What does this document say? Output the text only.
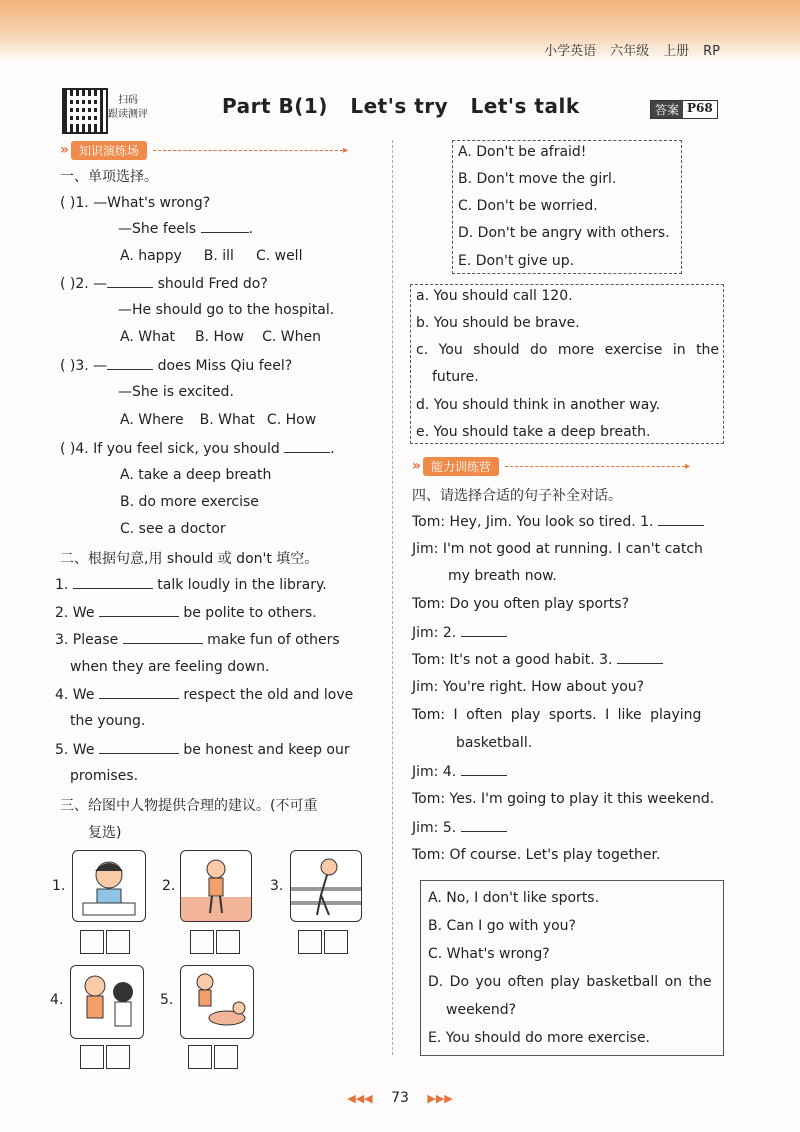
小学英语 六年级 上册 RP
扫码
跟读测评	Part B(1)   Let's try   Let's talk	答案 P68
» 知识演练场	▸
一、单项选择。
( )1. —What's wrong?
—She feels	.
A. happy B. ill C. well
( )2. —	should Fred do?
—He should go to the hospital.
A. What B. How C. When
( )3. —	does Miss Qiu feel?
—She is excited.
A. Where B. What C. How
( )4. If you feel sick, you should	.
A. take a deep breath
B. do more exercise
C. see a doctor
二、根据句意,用 should 或 don't 填空。
1.	talk loudly in the library.
2. We	be polite to others.
3. Please	make fun of others
when they are feeling down.
4. We	respect the old and love
the young.
5. We	be honest and keep our
promises.
三、给图中人物提供合理的建议。(不可重
复选)
1.	2.	3.
4.	5.
A. Don't be afraid!
B. Don't move the girl.
C. Don't be worried.
D. Don't be angry with others.
E. Don't give up.
a. You should call 120.
b. You should be brave.
c. You should do more exercise in the
future.
d. You should think in another way.
e. You should take a deep breath.
» 能力训练营	▸
四、请选择合适的句子补全对话。
Tom: Hey, Jim. You look so tired. 1.
Jim: I'm not good at running. I can't catch
my breath now.
Tom: Do you often play sports?
Jim: 2.
Tom: It's not a good habit. 3.
Jim: You're right. How about you?
Tom: I often play sports. I like playing
basketball.
Jim: 4.
Tom: Yes. I'm going to play it this weekend.
Jim: 5.
Tom: Of course. Let's play together.
A. No, I don't like sports.
B. Can I go with you?
C. What's wrong?
D. Do you often play basketball on the
weekend?
E. You should do more exercise.
◀◀◀ 73 ▶▶▶
